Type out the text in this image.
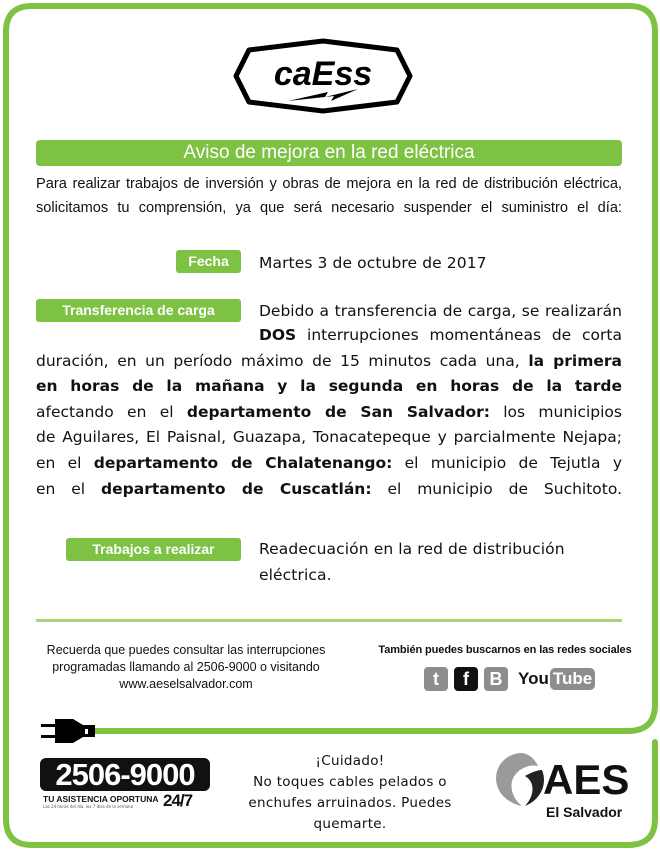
caEss
Aviso de mejora en la red eléctrica
Para realizar trabajos de inversión y obras de mejora en la red de distribución eléctrica,
solicitamos tu comprensión, ya que será necesario suspender el suministro el día:
Fecha	Martes 3 de octubre de 2017
Transferencia de carga	Debido a transferencia de carga, se realizarán
DOS interrupciones momentáneas de corta
duración, en un período máximo de 15 minutos cada una, la primera
en horas de la mañana y la segunda en horas de la tarde
afectando en el departamento de San Salvador: los municipios
de Aguilares, El Paisnal, Guazapa, Tonacatepeque y parcialmente Nejapa;
en el departamento de Chalatenango: el municipio de Tejutla y
en el departamento de Cuscatlán: el municipio de Suchitoto.
Trabajos a realizar	Readecuación en la red de distribución
eléctrica.
Recuerda que puedes consultar las interrupciones
programadas llamando al 2506-9000 o visitando
www.aeselsalvador.com
También puedes buscarnos en las redes sociales
t	f	B You Tube
2506-9000
TU ASISTENCIA OPORTUNA
Las 24 horas del día, los 7 días de la semana 24/7
¡Cuidado!
No toques cables pelados o
enchufes arruinados. Puedes
quemarte.
AES
El Salvador
